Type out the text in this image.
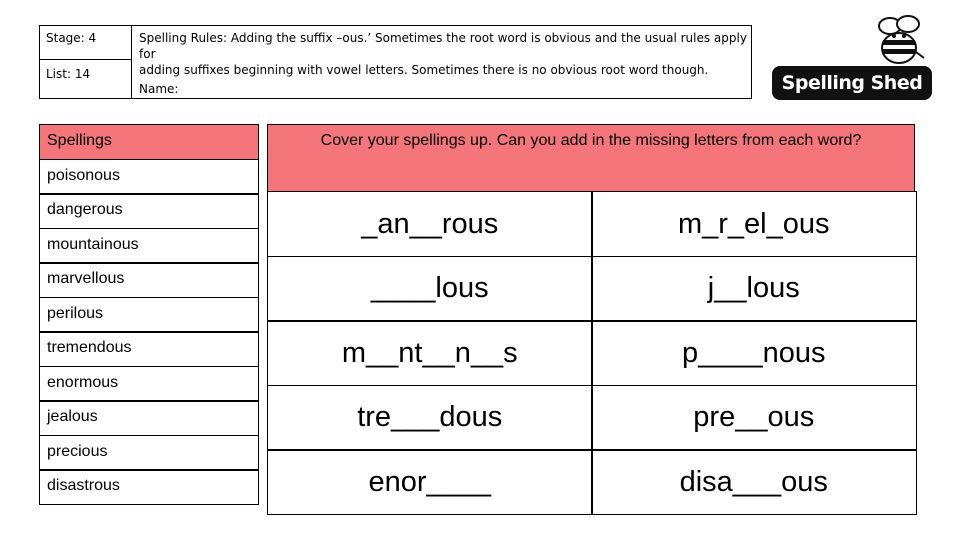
Stage: 4
List: 14
Spelling Rules: Adding the suffix –ous.’ Sometimes the root word is obvious and the usual rules apply for
adding suffixes beginning with vowel letters. Sometimes there is no obvious root word though.
Name:	Spelling Shed
Spellings
poisonous
dangerous
mountainous
marvellous
perilous
tremendous
enormous
jealous
precious
disastrous
Cover your spellings up. Can you add in the missing letters from each word?
_an__rous	m_r_el_ous
____lous	j__lous
m__nt__n__s	p____nous
tre___dous	pre__ous
enor____	disa___ous
